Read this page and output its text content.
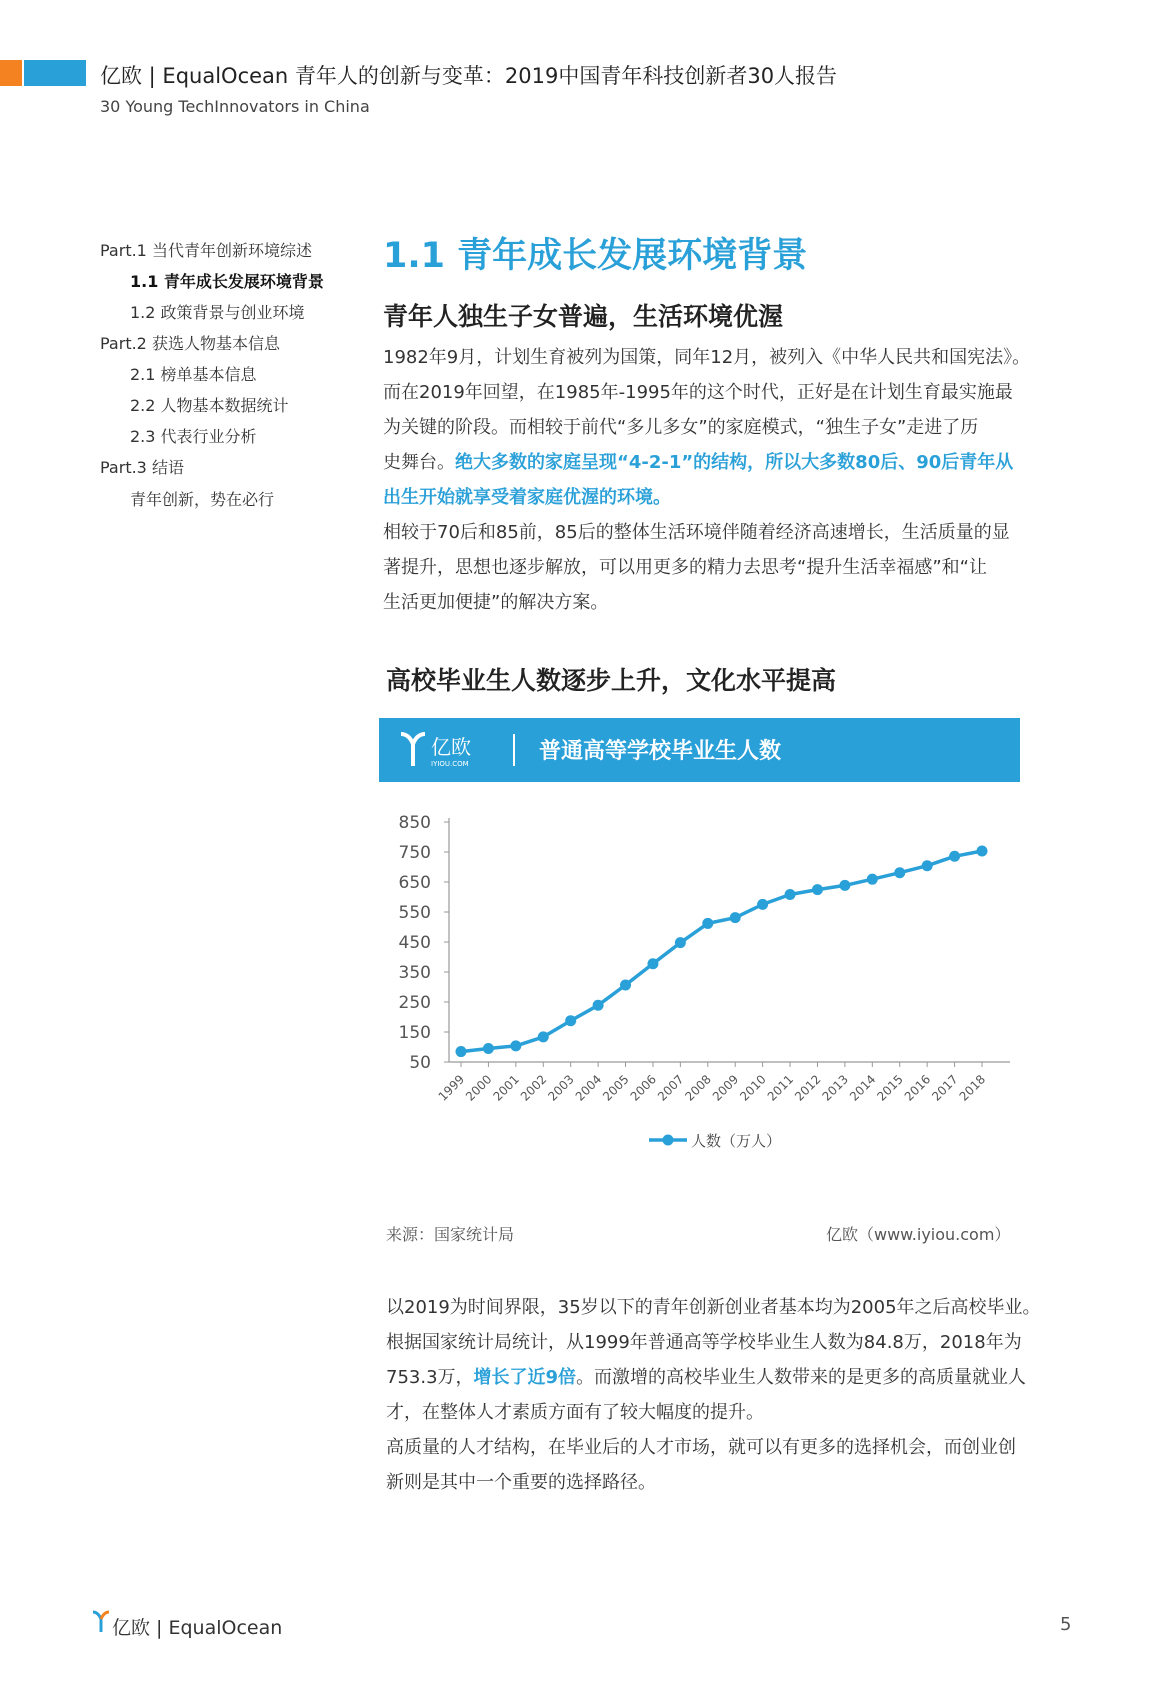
亿欧 | EqualOcean 青年人的创新与变革：2019中国青年科技创新者30人报告
30 Young TechInnovators in China
Part.1 当代青年创新环境综述
1.1 青年成长发展环境背景
1.2 政策背景与创业环境
Part.2 获选人物基本信息
2.1 榜单基本信息
2.2 人物基本数据统计
2.3 代表行业分析
Part.3 结语
青年创新，势在必行
1.1 青年成长发展环境背景
青年人独生子女普遍，生活环境优渥
1982年9月，计划生育被列为国策，同年12月，被列入《中华人民共和国宪法》。
而在2019年回望，在1985年-1995年的这个时代，正好是在计划生育最实施最
为关键的阶段。而相较于前代“多儿多女”的家庭模式，“独生子女”走进了历
史舞台。绝大多数的家庭呈现“4-2-1”的结构，所以大多数80后、90后青年从
出生开始就享受着家庭优渥的环境。
相较于70后和85前，85后的整体生活环境伴随着经济高速增长，生活质量的显
著提升，思想也逐步解放，可以用更多的精力去思考“提升生活幸福感”和“让
生活更加便捷”的解决方案。
高校毕业生人数逐步上升，文化水平提高
亿欧
IYIOU.COM	普通高等学校毕业生人数
850
750
650
550
450
350
250
150
50
1999
2000
2001
2002
2003
2004
2005
2006
2007
2008
2009
2010
2011
2012
2013
2014
2015
2016
2017
2018
人数（万人）
来源：国家统计局	亿欧（www.iyiou.com）
以2019为时间界限，35岁以下的青年创新创业者基本均为2005年之后高校毕业。
根据国家统计局统计，从1999年普通高等学校毕业生人数为84.8万，2018年为
753.3万，增长了近9倍。而激增的高校毕业生人数带来的是更多的高质量就业人
才，在整体人才素质方面有了较大幅度的提升。
高质量的人才结构，在毕业后的人才市场，就可以有更多的选择机会，而创业创
新则是其中一个重要的选择路径。
亿欧 | EqualOcean	5
